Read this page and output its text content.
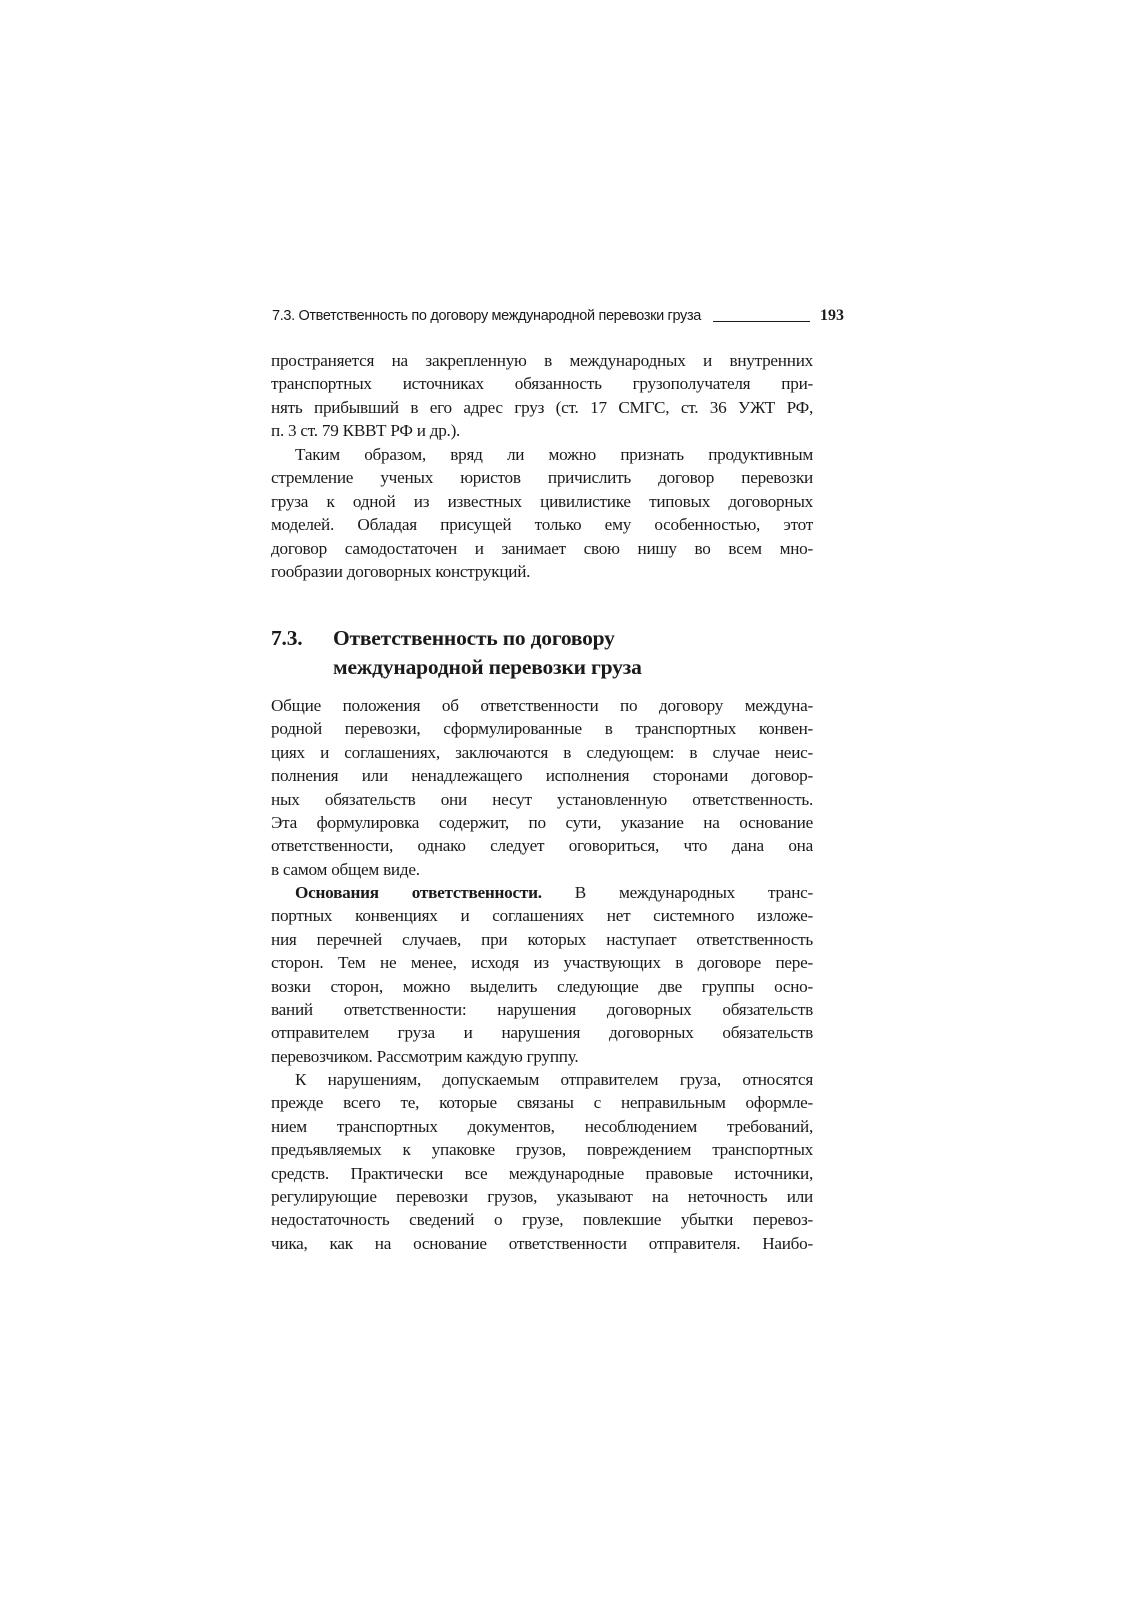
7.3. Ответственность по договору международной перевозки груза	193
пространяется на закрепленную в международных и внутренних
транспортных источниках обязанность грузополучателя при-
нять прибывший в его адрес груз (ст. 17 СМГС, ст. 36 УЖТ РФ,
п. 3 ст. 79 КВВТ РФ и др.).
Таким образом, вряд ли можно признать продуктивным
стремление ученых юристов причислить договор перевозки
груза к одной из известных цивилистике типовых договорных
моделей. Обладая присущей только ему особенностью, этот
договор самодостаточен и занимает свою нишу во всем мно-
гообразии договорных конструкций.
7.3.	Ответственность по договору
международной перевозки груза
Общие положения об ответственности по договору междуна-
родной перевозки, сформулированные в транспортных конвен-
циях и соглашениях, заключаются в следующем: в случае неис-
полнения или ненадлежащего исполнения сторонами договор-
ных обязательств они несут установленную ответственность.
Эта формулировка содержит, по сути, указание на основание
ответственности, однако следует оговориться, что дана она
в самом общем виде.
Основания ответственности. В международных транс-
портных конвенциях и соглашениях нет системного изложе-
ния перечней случаев, при которых наступает ответственность
сторон. Тем не менее, исходя из участвующих в договоре пере-
возки сторон, можно выделить следующие две группы осно-
ваний ответственности: нарушения договорных обязательств
отправителем груза и нарушения договорных обязательств
перевозчиком. Рассмотрим каждую группу.
К нарушениям, допускаемым отправителем груза, относятся
прежде всего те, которые связаны с неправильным оформле-
нием транспортных документов, несоблюдением требований,
предъявляемых к упаковке грузов, повреждением транспортных
средств. Практически все международные правовые источники,
регулирующие перевозки грузов, указывают на неточность или
недостаточность сведений о грузе, повлекшие убытки перевоз-
чика, как на основание ответственности отправителя. Наибо-
